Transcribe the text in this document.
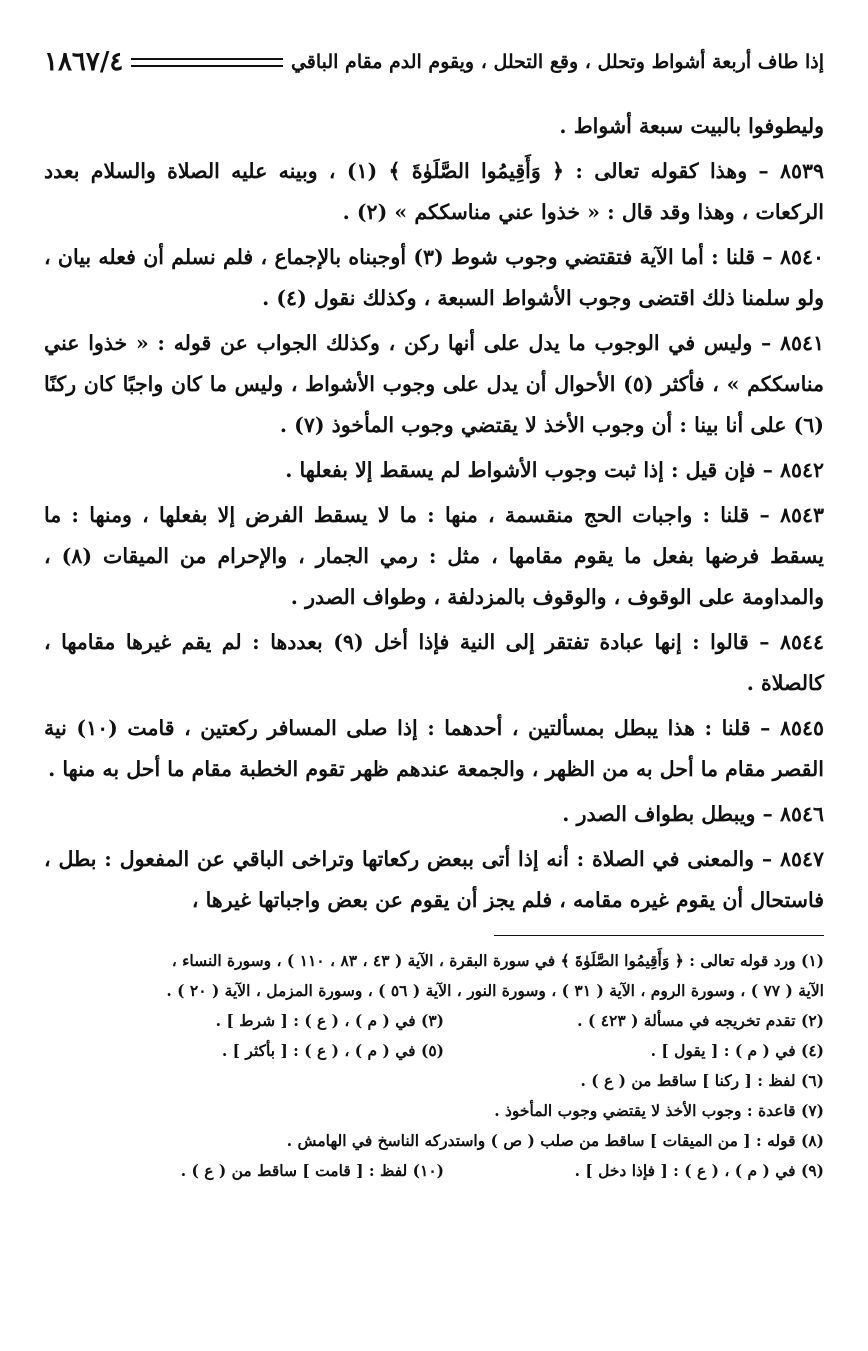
إذا طاف أربعة أشواط وتحلل ، وقع التحلل ، ويقوم الدم مقام الباقي
١٨٦٧/٤

وليطوفوا بالبيت سبعة أشواط .

٨٥٣٩ – وهذا كقوله تعالى : ﴿ وَأَقِيمُوا الصَّلَوٰةَ ﴾ (١) ، وبينه عليه الصلاة والسلام بعدد الركعات ، وهذا وقد قال : « خذوا عني مناسككم » (٢) .

٨٥٤٠ – قلنا : أما الآية فتقتضي وجوب شوط (٣) أوجبناه بالإجماع ، فلم نسلم أن فعله بيان ، ولو سلمنا ذلك اقتضى وجوب الأشواط السبعة ، وكذلك نقول (٤) .

٨٥٤١ – وليس في الوجوب ما يدل على أنها ركن ، وكذلك الجواب عن قوله : « خذوا عني مناسككم » ، فأكثر (٥) الأحوال أن يدل على وجوب الأشواط ، وليس ما كان واجبًا كان ركنًا (٦) على أنا بينا : أن وجوب الأخذ لا يقتضي وجوب المأخوذ (٧) .

٨٥٤٢ – فإن قيل : إذا ثبت وجوب الأشواط لم يسقط إلا بفعلها .

٨٥٤٣ – قلنا : واجبات الحج منقسمة ، منها : ما لا يسقط الفرض إلا بفعلها ، ومنها : ما يسقط فرضها بفعل ما يقوم مقامها ، مثل : رمي الجمار ، والإحرام من الميقات (٨) ، والمداومة على الوقوف ، والوقوف بالمزدلفة ، وطواف الصدر .

٨٥٤٤ – قالوا : إنها عبادة تفتقر إلى النية فإذا أخل (٩) بعددها : لم يقم غيرها مقامها ، كالصلاة .

٨٥٤٥ – قلنا : هذا يبطل بمسألتين ، أحدهما : إذا صلى المسافر ركعتين ، قامت (١٠) نية القصر مقام ما أحل به من الظهر ، والجمعة عندهم ظهر تقوم الخطبة مقام ما أحل به منها .

٨٥٤٦ – ويبطل بطواف الصدر .

٨٥٤٧ – والمعنى في الصلاة : أنه إذا أتى ببعض ركعاتها وتراخى الباقي عن المفعول : بطل ، فاستحال أن يقوم غيره مقامه ، فلم يجز أن يقوم عن بعض واجباتها غيرها ،

(١) ورد قوله تعالى : ﴿ وَأَقِيمُوا الصَّلَوٰةَ ﴾ في سورة البقرة ، الآية ( ٤٣ ، ٨٣ ، ١١٠ ) ، وسورة النساء ،

الآية ( ٧٧ ) ، وسورة الروم ، الآية ( ٣١ ) ، وسورة النور ، الآية ( ٥٦ ) ، وسورة المزمل ، الآية ( ٢٠ ) .

(٢) تقدم تخريجه في مسألة ( ٤٢٣ ) .

(٣) في ( م ) ، ( ع ) : [ شرط ] .

(٤) في ( م ) : [ يقول ] .

(٥) في ( م ) ، ( ع ) : [ بأكثر ] .

(٦) لفظ : [ ركنا ] ساقط من ( ع ) .

(٧) قاعدة : وجوب الأخذ لا يقتضي وجوب المأخوذ .

(٨) قوله : [ من الميقات ] ساقط من صلب ( ص ) واستدركه الناسخ في الهامش .

(٩) في ( م ) ، ( ع ) : [ فإذا دخل ] .

(١٠) لفظ : [ قامت ] ساقط من ( ع ) .
